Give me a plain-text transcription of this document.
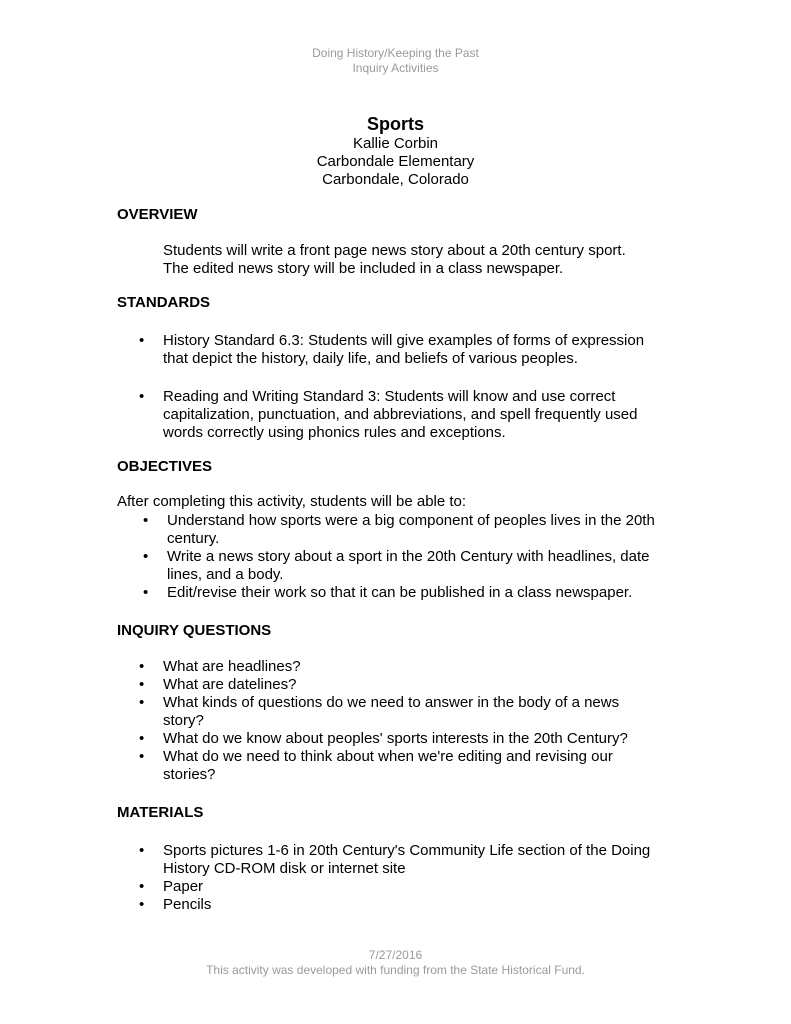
Doing History/Keeping the Past
Inquiry Activities
Sports
Kallie Corbin
Carbondale Elementary
Carbondale, Colorado
OVERVIEW
Students will write a front page news story about a 20th century sport.
The edited news story will be included in a class newspaper.
STANDARDS
• History Standard 6.3: Students will give examples of forms of expression
that depict the history, daily life, and beliefs of various peoples.
• Reading and Writing Standard 3: Students will know and use correct
capitalization, punctuation, and abbreviations, and spell frequently used
words correctly using phonics rules and exceptions.
OBJECTIVES
After completing this activity, students will be able to:
• Understand how sports were a big component of peoples lives in the 20th
century.
• Write a news story about a sport in the 20th Century with headlines, date
lines, and a body.
• Edit/revise their work so that it can be published in a class newspaper.
INQUIRY QUESTIONS
• What are headlines?
• What are datelines?
• What kinds of questions do we need to answer in the body of a news
story?
• What do we know about peoples' sports interests in the 20th Century?
• What do we need to think about when we're editing and revising our
stories?
MATERIALS
• Sports pictures 1-6 in 20th Century's Community Life section of the Doing
History CD-ROM disk or internet site
• Paper
• Pencils
7/27/2016
This activity was developed with funding from the State Historical Fund.
